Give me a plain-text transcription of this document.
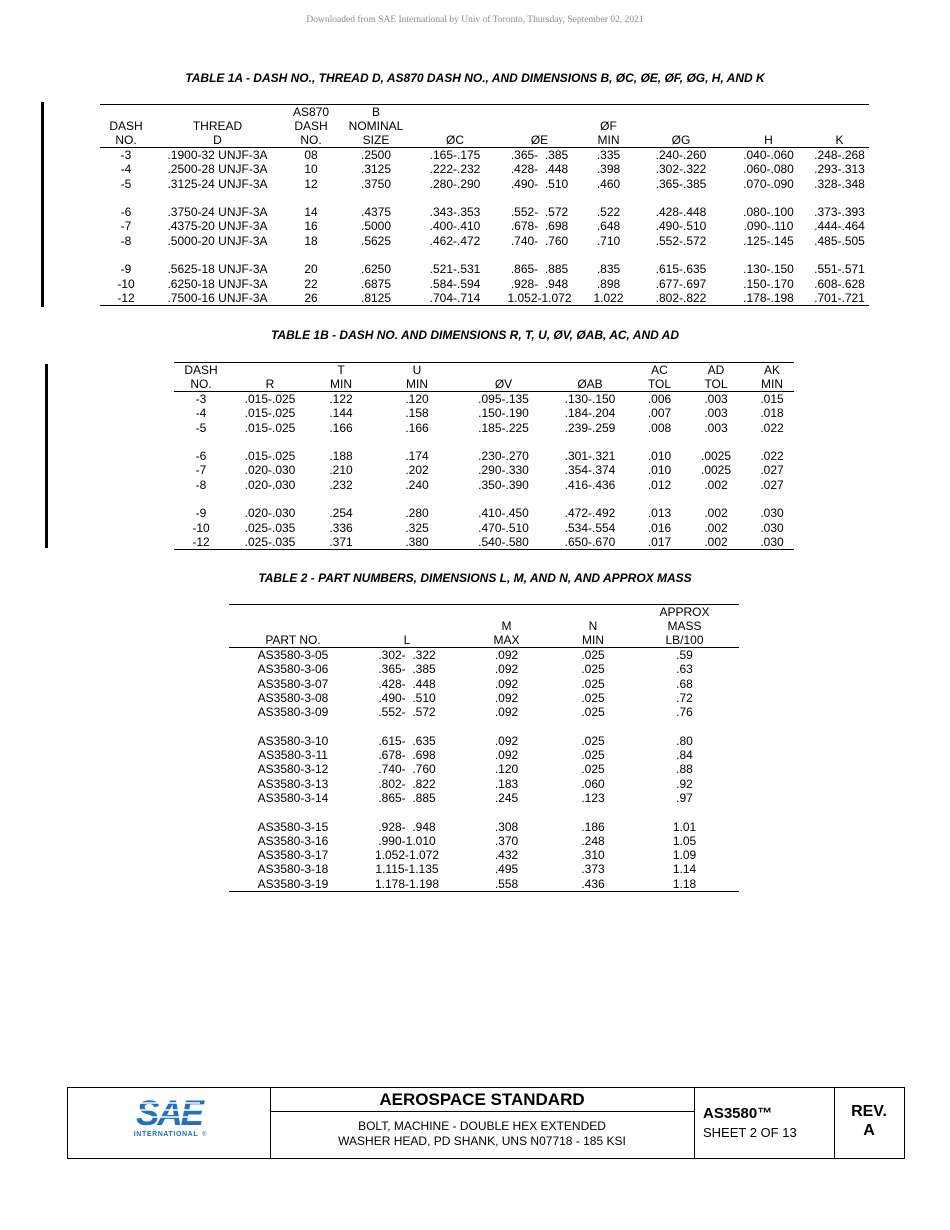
Downloaded from SAE International by Univ of Toronto, Thursday, September 02, 2021
TABLE 1A - DASH NO., THREAD D, AS870 DASH NO., AND DIMENSIONS B, ØC, ØE, ØF, ØG, H, AND K
		AS870	B						
DASH	THREAD	DASH	NOMINAL			ØF			
NO.	D	NO.	SIZE	ØC	ØE	MIN	ØG	H	K
-3	.1900-32 UNJF-3A	08	.2500	.165-.175	.365-  .385	.335	.240-.260	.040-.060	.248-.268
-4	.2500-28 UNJF-3A	10	.3125	.222-.232	.428-  .448	.398	.302-.322	.060-.080	.293-.313
-5	.3125-24 UNJF-3A	12	.3750	.280-.290	.490-  .510	.460	.365-.385	.070-.090	.328-.348

-6	.3750-24 UNJF-3A	14	.4375	.343-.353	.552-  .572	.522	.428-.448	.080-.100	.373-.393
-7	.4375-20 UNJF-3A	16	.5000	.400-.410	.678-  .698	.648	.490-.510	.090-.110	.444-.464
-8	.5000-20 UNJF-3A	18	.5625	.462-.472	.740-  .760	.710	.552-.572	.125-.145	.485-.505

-9	.5625-18 UNJF-3A	20	.6250	.521-.531	.865-  .885	.835	.615-.635	.130-.150	.551-.571
-10	.6250-18 UNJF-3A	22	.6875	.584-.594	.928-  .948	.898	.677-.697	.150-.170	.608-.628
-12	.7500-16 UNJF-3A	26	.8125	.704-.714	1.052-1.072	1.022	.802-.822	.178-.198	.701-.721
TABLE 1B - DASH NO. AND DIMENSIONS R, T, U, ØV, ØAB, AC, AND AD
DASH		T	U			AC	AD	AK
NO.	R	MIN	MIN	ØV	ØAB	TOL	TOL	MIN
-3	.015-.025	.122	.120	.095-.135	.130-.150	.006	.003	.015
-4	.015-.025	.144	.158	.150-.190	.184-.204	.007	.003	.018
-5	.015-.025	.166	.166	.185-.225	.239-.259	.008	.003	.022

-6	.015-.025	.188	.174	.230-.270	.301-.321	.010	.0025	.022
-7	.020-.030	.210	.202	.290-.330	.354-.374	.010	.0025	.027
-8	.020-.030	.232	.240	.350-.390	.416-.436	.012	.002	.027

-9	.020-.030	.254	.280	.410-.450	.472-.492	.013	.002	.030
-10	.025-.035	.336	.325	.470-.510	.534-.554	.016	.002	.030
-12	.025-.035	.371	.380	.540-.580	.650-.670	.017	.002	.030
TABLE 2 - PART NUMBERS, DIMENSIONS L, M, AND N, AND APPROX MASS
				APPROX
		M	N	MASS
PART NO.	L	MAX	MIN	LB/100
AS3580-3-05	.302-  .322	.092	.025	.59
AS3580-3-06	.365-  .385	.092	.025	.63
AS3580-3-07	.428-  .448	.092	.025	.68
AS3580-3-08	.490-  .510	.092	.025	.72
AS3580-3-09	.552-  .572	.092	.025	.76

AS3580-3-10	.615-  .635	.092	.025	.80
AS3580-3-11	.678-  .698	.092	.025	.84
AS3580-3-12	.740-  .760	.120	.025	.88
AS3580-3-13	.802-  .822	.183	.060	.92
AS3580-3-14	.865-  .885	.245	.123	.97

AS3580-3-15	.928-  .948	.308	.186	1.01
AS3580-3-16	.990-1.010	.370	.248	1.05
AS3580-3-17	1.052-1.072	.432	.310	1.09
AS3580-3-18	1.115-1.135	.495	.373	1.14
AS3580-3-19	1.178-1.198	.558	.436	1.18
SAE
INTERNATIONAL ®
AEROSPACE STANDARD
BOLT, MACHINE - DOUBLE HEX EXTENDED
WASHER HEAD, PD SHANK, UNS N07718 - 185 KSI
AS3580™
SHEET 2 OF 13
REV.
A
